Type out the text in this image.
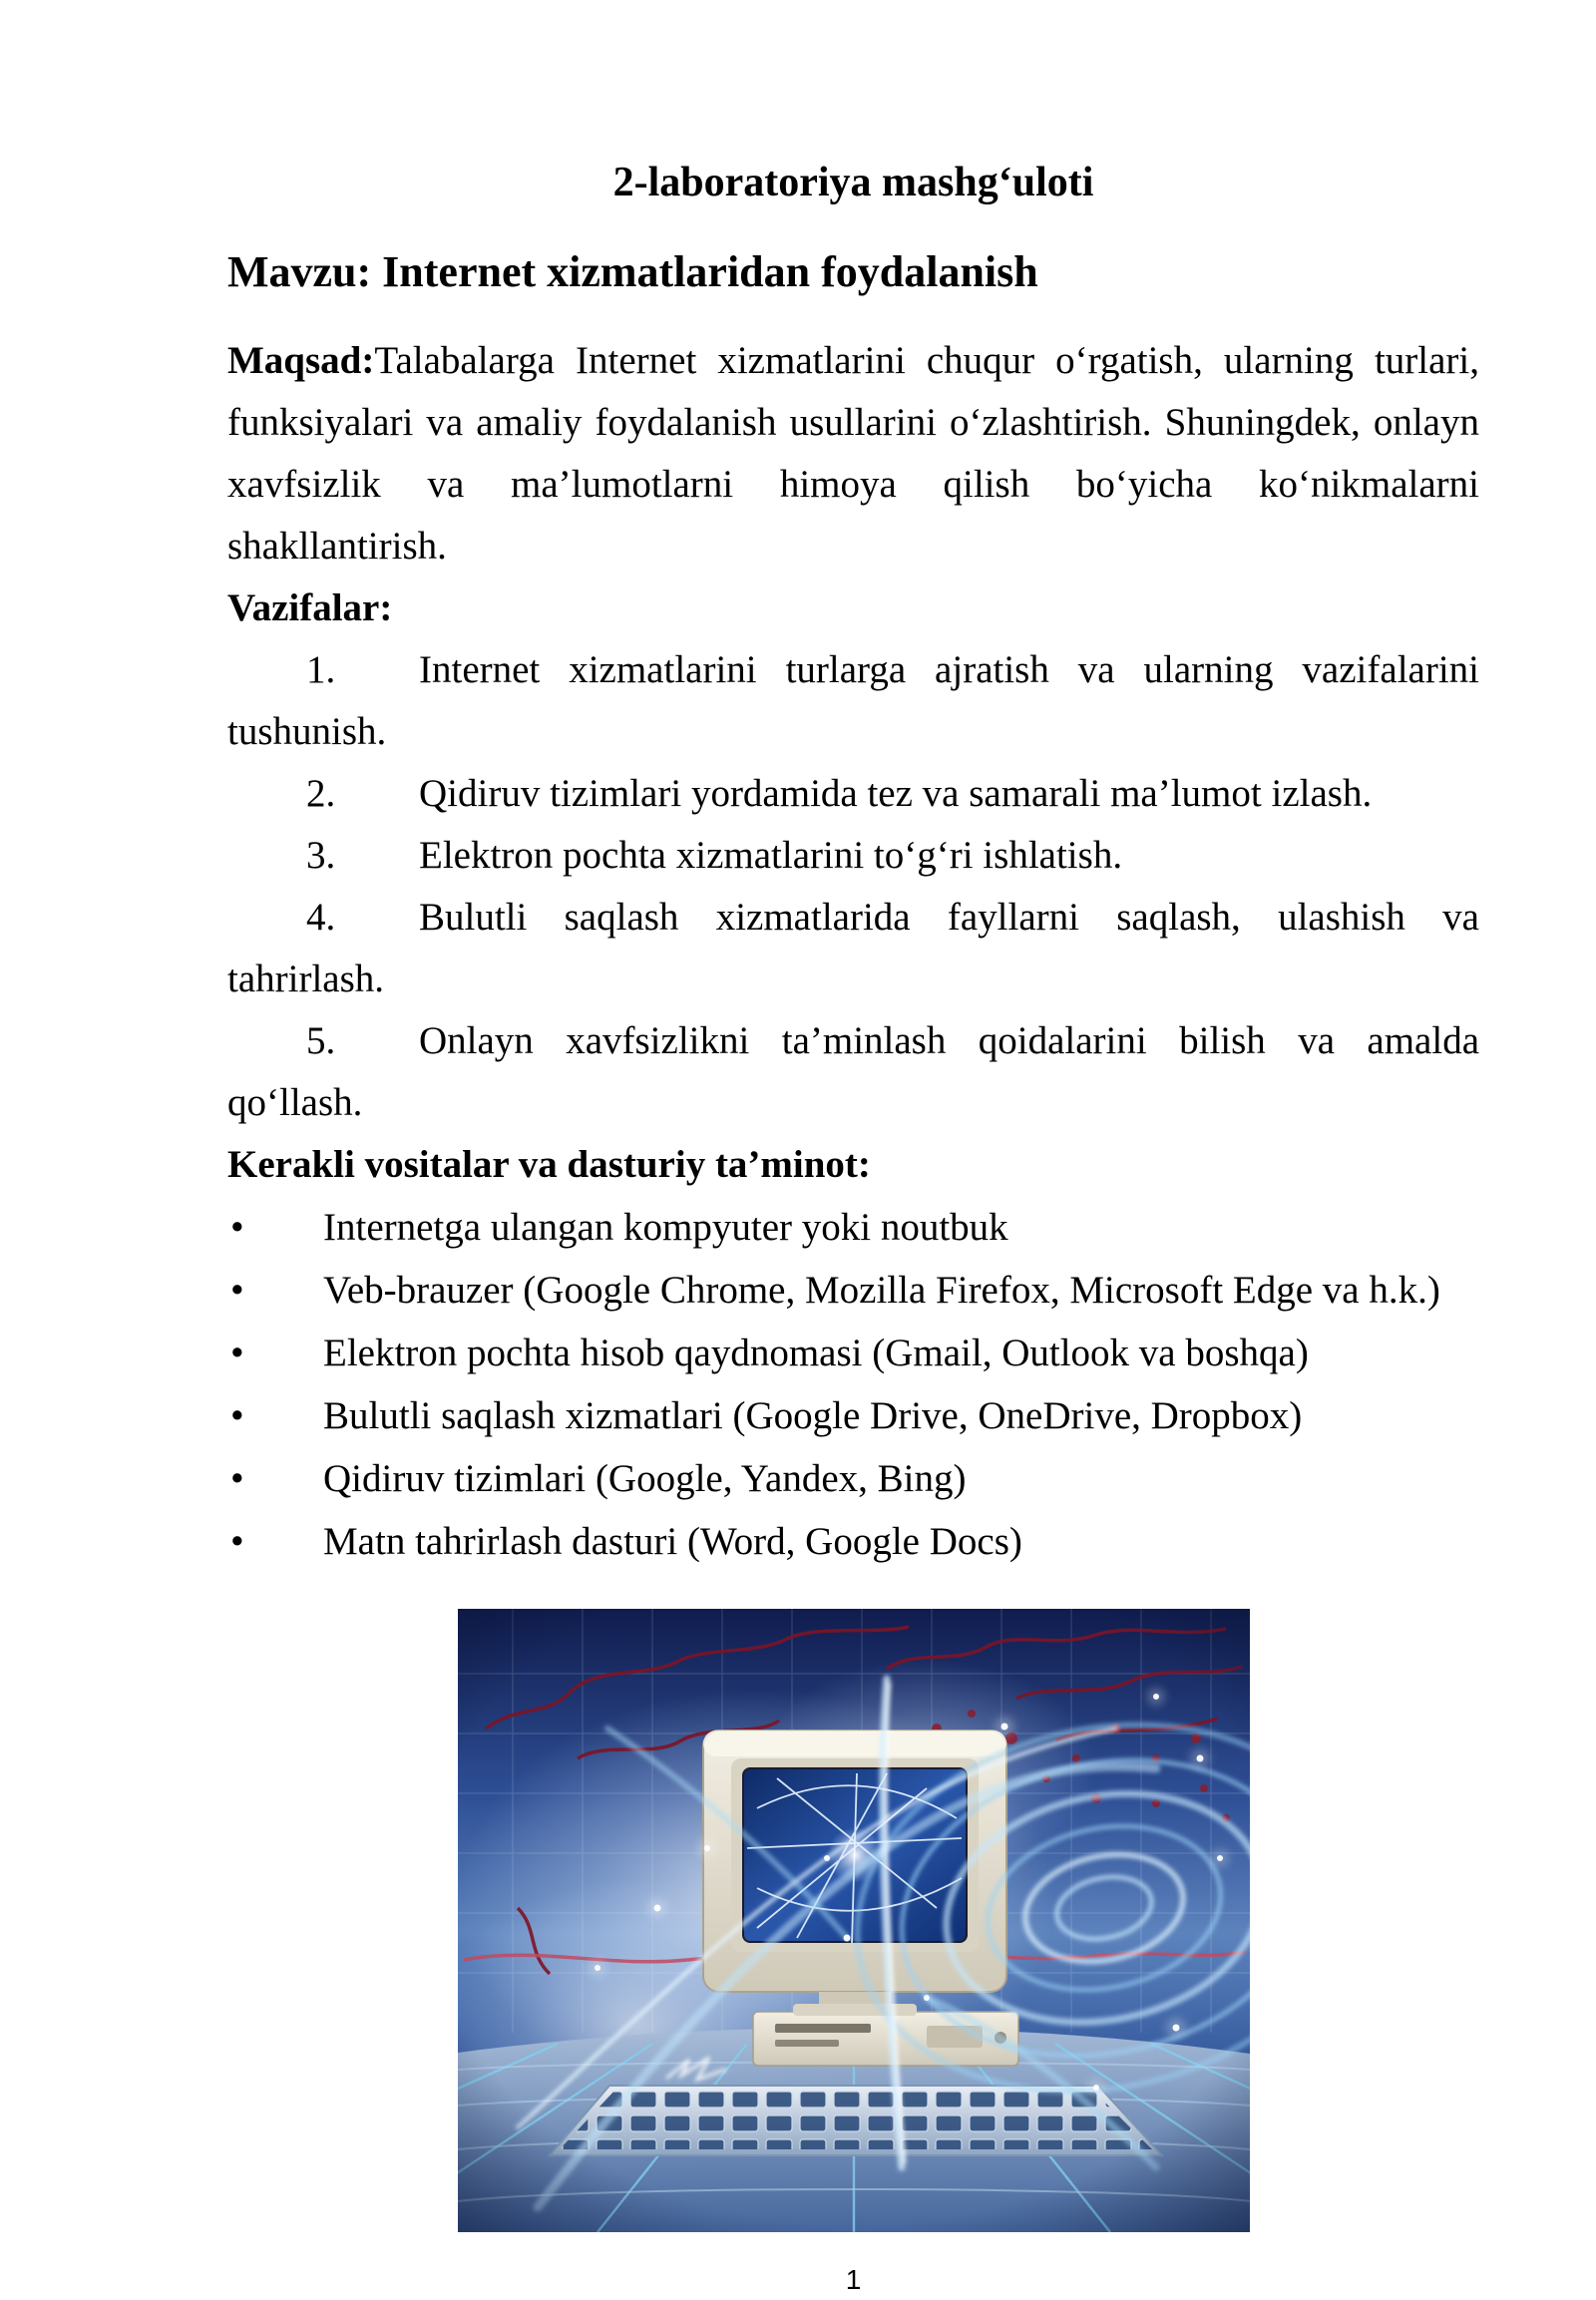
2-laboratoriya mashgʻuloti
Mavzu: Internet xizmatlaridan foydalanish
Maqsad:Talabalarga Internet xizmatlarini chuqur oʻrgatish, ularning turlari, funksiyalari va amaliy foydalanish usullarini oʻzlashtirish. Shuningdek, onlayn xavfsizlik va ma’lumotlarni himoya qilish boʻyicha koʻnikmalarni shakllantirish.
Vazifalar:
1. Internet xizmatlarini turlarga ajratish va ularning vazifalarini tushunish.
2. Qidiruv tizimlari yordamida tez va samarali ma’lumot izlash.
3. Elektron pochta xizmatlarini toʻgʻri ishlatish.
4. Bulutli saqlash xizmatlarida fayllarni saqlash, ulashish va tahrirlash.
5. Onlayn xavfsizlikni ta’minlash qoidalarini bilish va amalda qoʻllash.
Kerakli vositalar va dasturiy ta’minot:
• Internetga ulangan kompyuter yoki noutbuk
• Veb-brauzer (Google Chrome, Mozilla Firefox, Microsoft Edge va h.k.)
• Elektron pochta hisob qaydnomasi (Gmail, Outlook va boshqa)
• Bulutli saqlash xizmatlari (Google Drive, OneDrive, Dropbox)
• Qidiruv tizimlari (Google, Yandex, Bing)
• Matn tahrirlash dasturi (Word, Google Docs)
1
